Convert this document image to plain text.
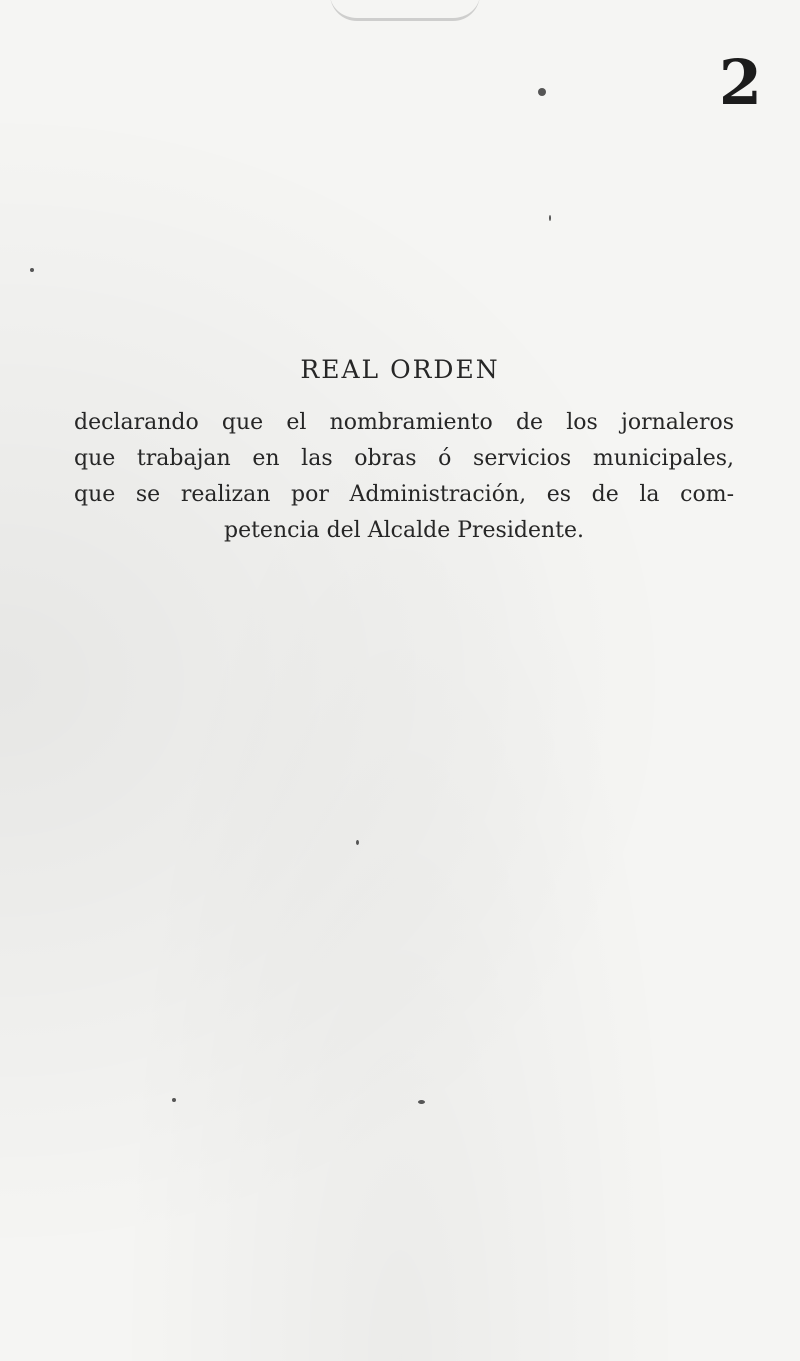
2
REAL ORDEN
declarando que el nombramiento de los jornaleros
que trabajan en las obras ó servicios municipales,
que se realizan por Administración, es de la com-
petencia del Alcalde Presidente.
